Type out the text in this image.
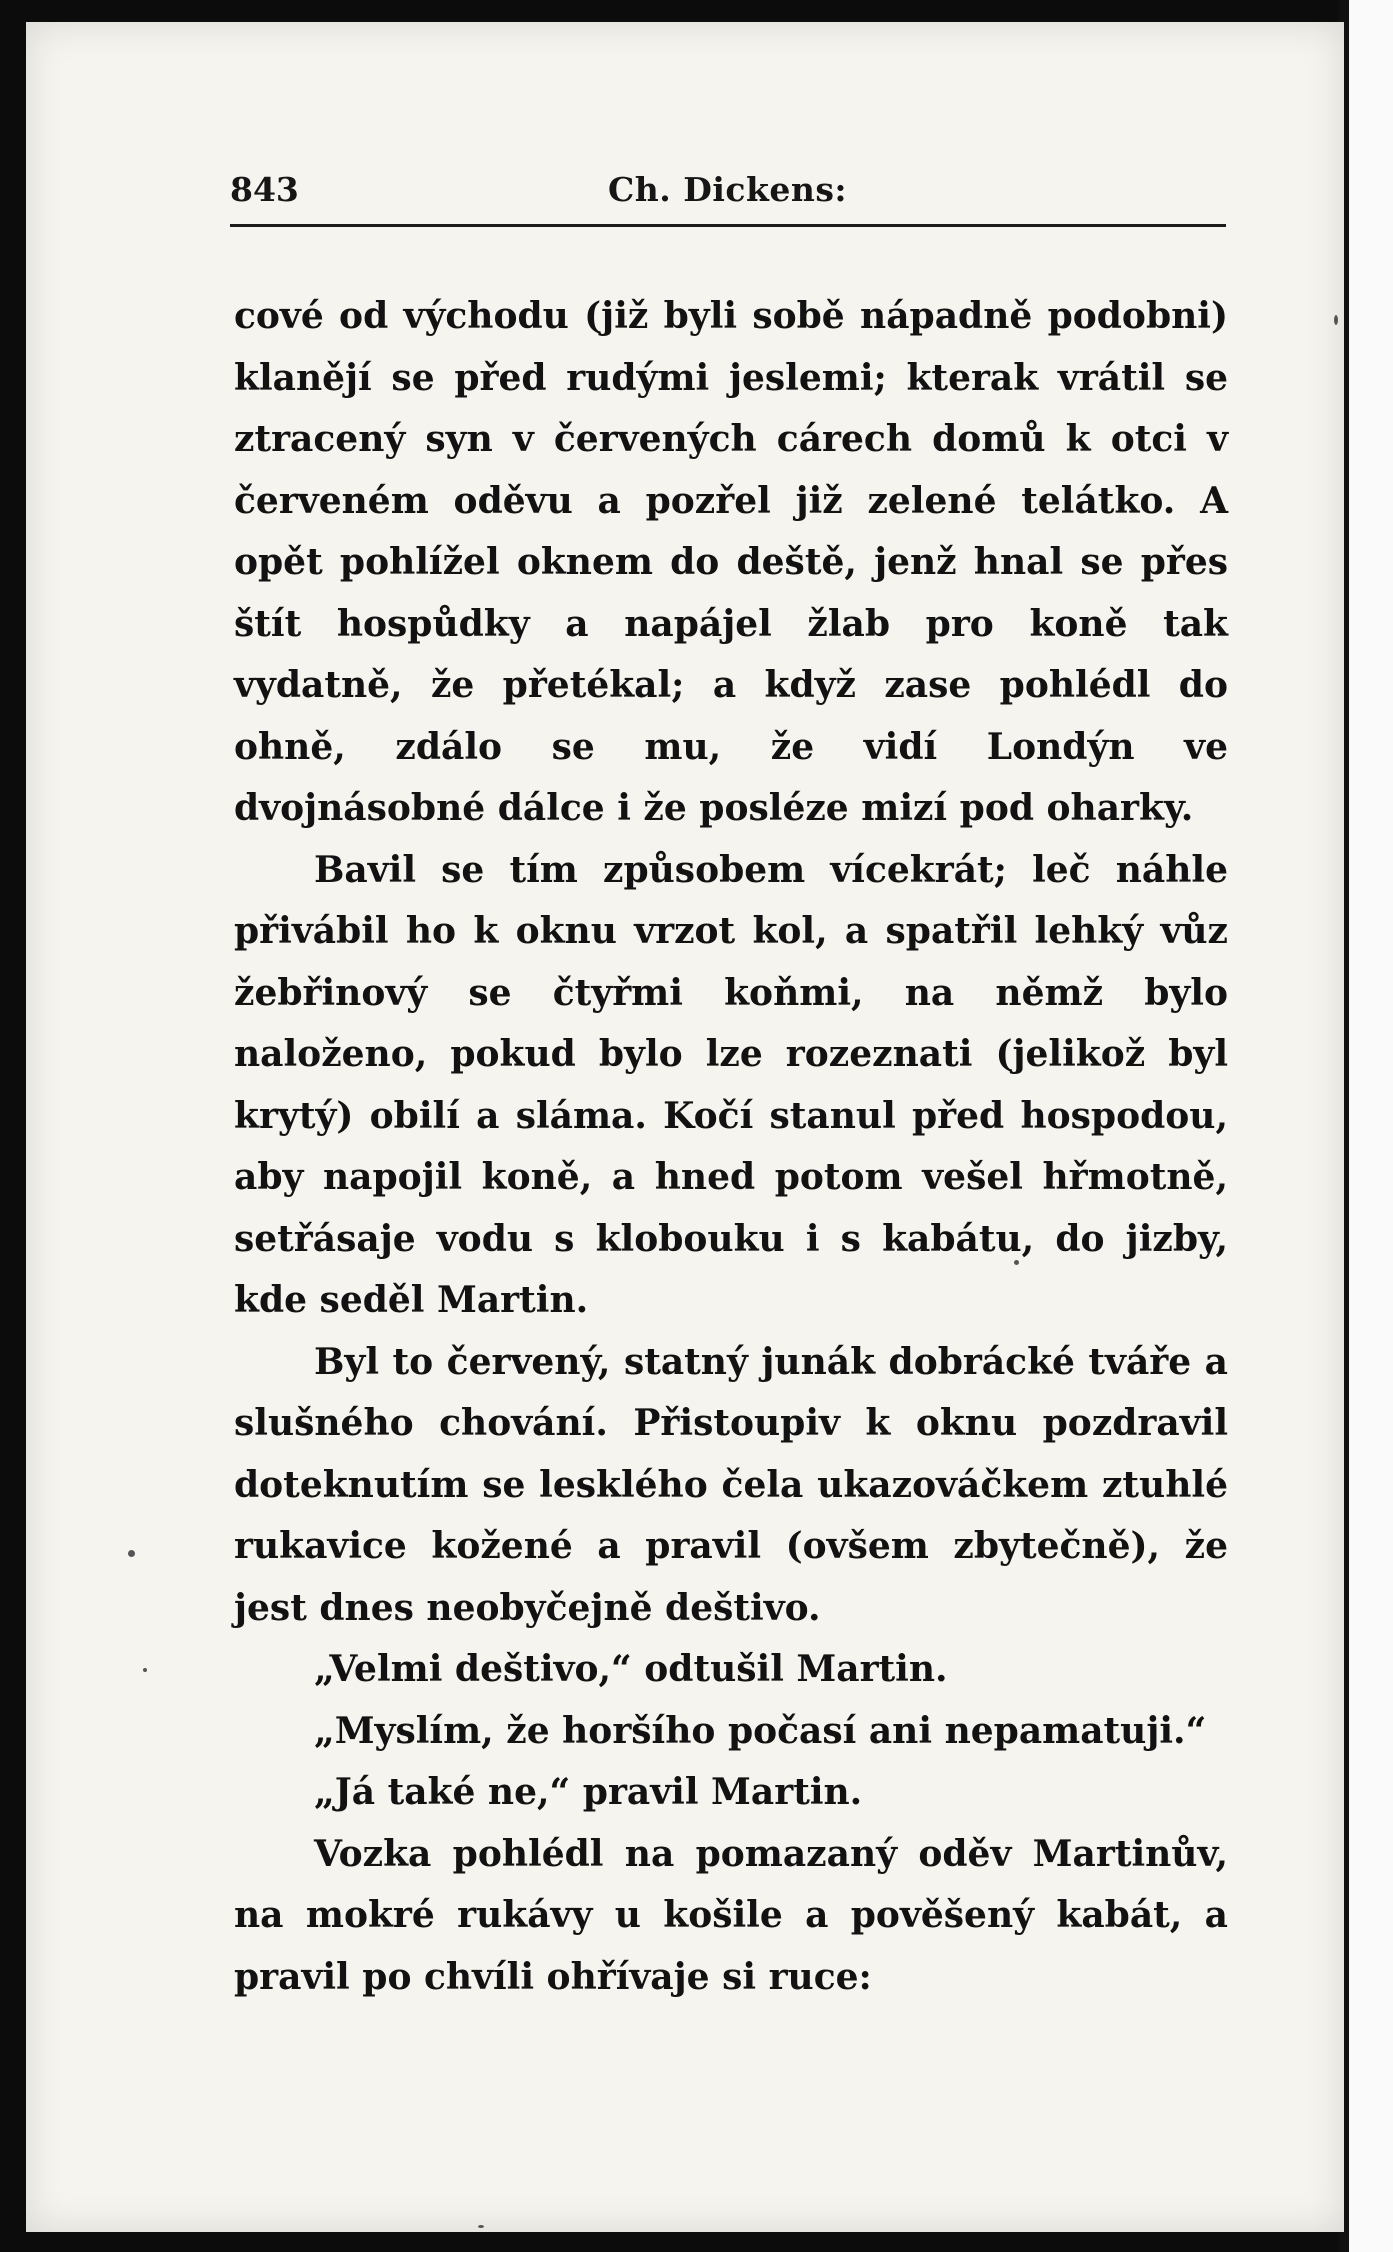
843	Ch. Dickens:

cové od východu (již byli sobě nápadně podobni) klanějí se před rudými jeslemi; kterak vrátil se ztracený syn v červených cárech domů k otci v červeném oděvu a pozřel již zelené telátko. A opět pohlížel oknem do deště, jenž hnal se přes štít hospůdky a napájel žlab pro koně tak vydatně, že přetékal; a když zase pohlédl do ohně, zdálo se mu, že vidí Londýn ve dvojnásobné dálce i že posléze mizí pod oharky.

Bavil se tím způsobem vícekrát; leč náhle přivábil ho k oknu vrzot kol, a spatřil lehký vůz žebřinový se čtyřmi koňmi, na němž bylo naloženo, pokud bylo lze rozeznati (jelikož byl krytý) obilí a sláma. Kočí stanul před hospodou, aby napojil koně, a hned potom vešel hřmotně, setřásaje vodu s klobouku i s kabátu, do jizby, kde seděl Martin.

Byl to červený, statný junák dobrácké tváře a slušného chování. Přistoupiv k oknu pozdravil doteknutím se lesklého čela ukazováčkem ztuhlé rukavice kožené a pravil (ovšem zbytečně), že jest dnes neobyčejně deštivo.

„Velmi deštivo,“ odtušil Martin.

„Myslím, že horšího počasí ani nepamatuji.“

„Já také ne,“ pravil Martin.

Vozka pohlédl na pomazaný oděv Martinův, na mokré rukávy u košile a pověšený kabát, a pravil po chvíli ohřívaje si ruce:
